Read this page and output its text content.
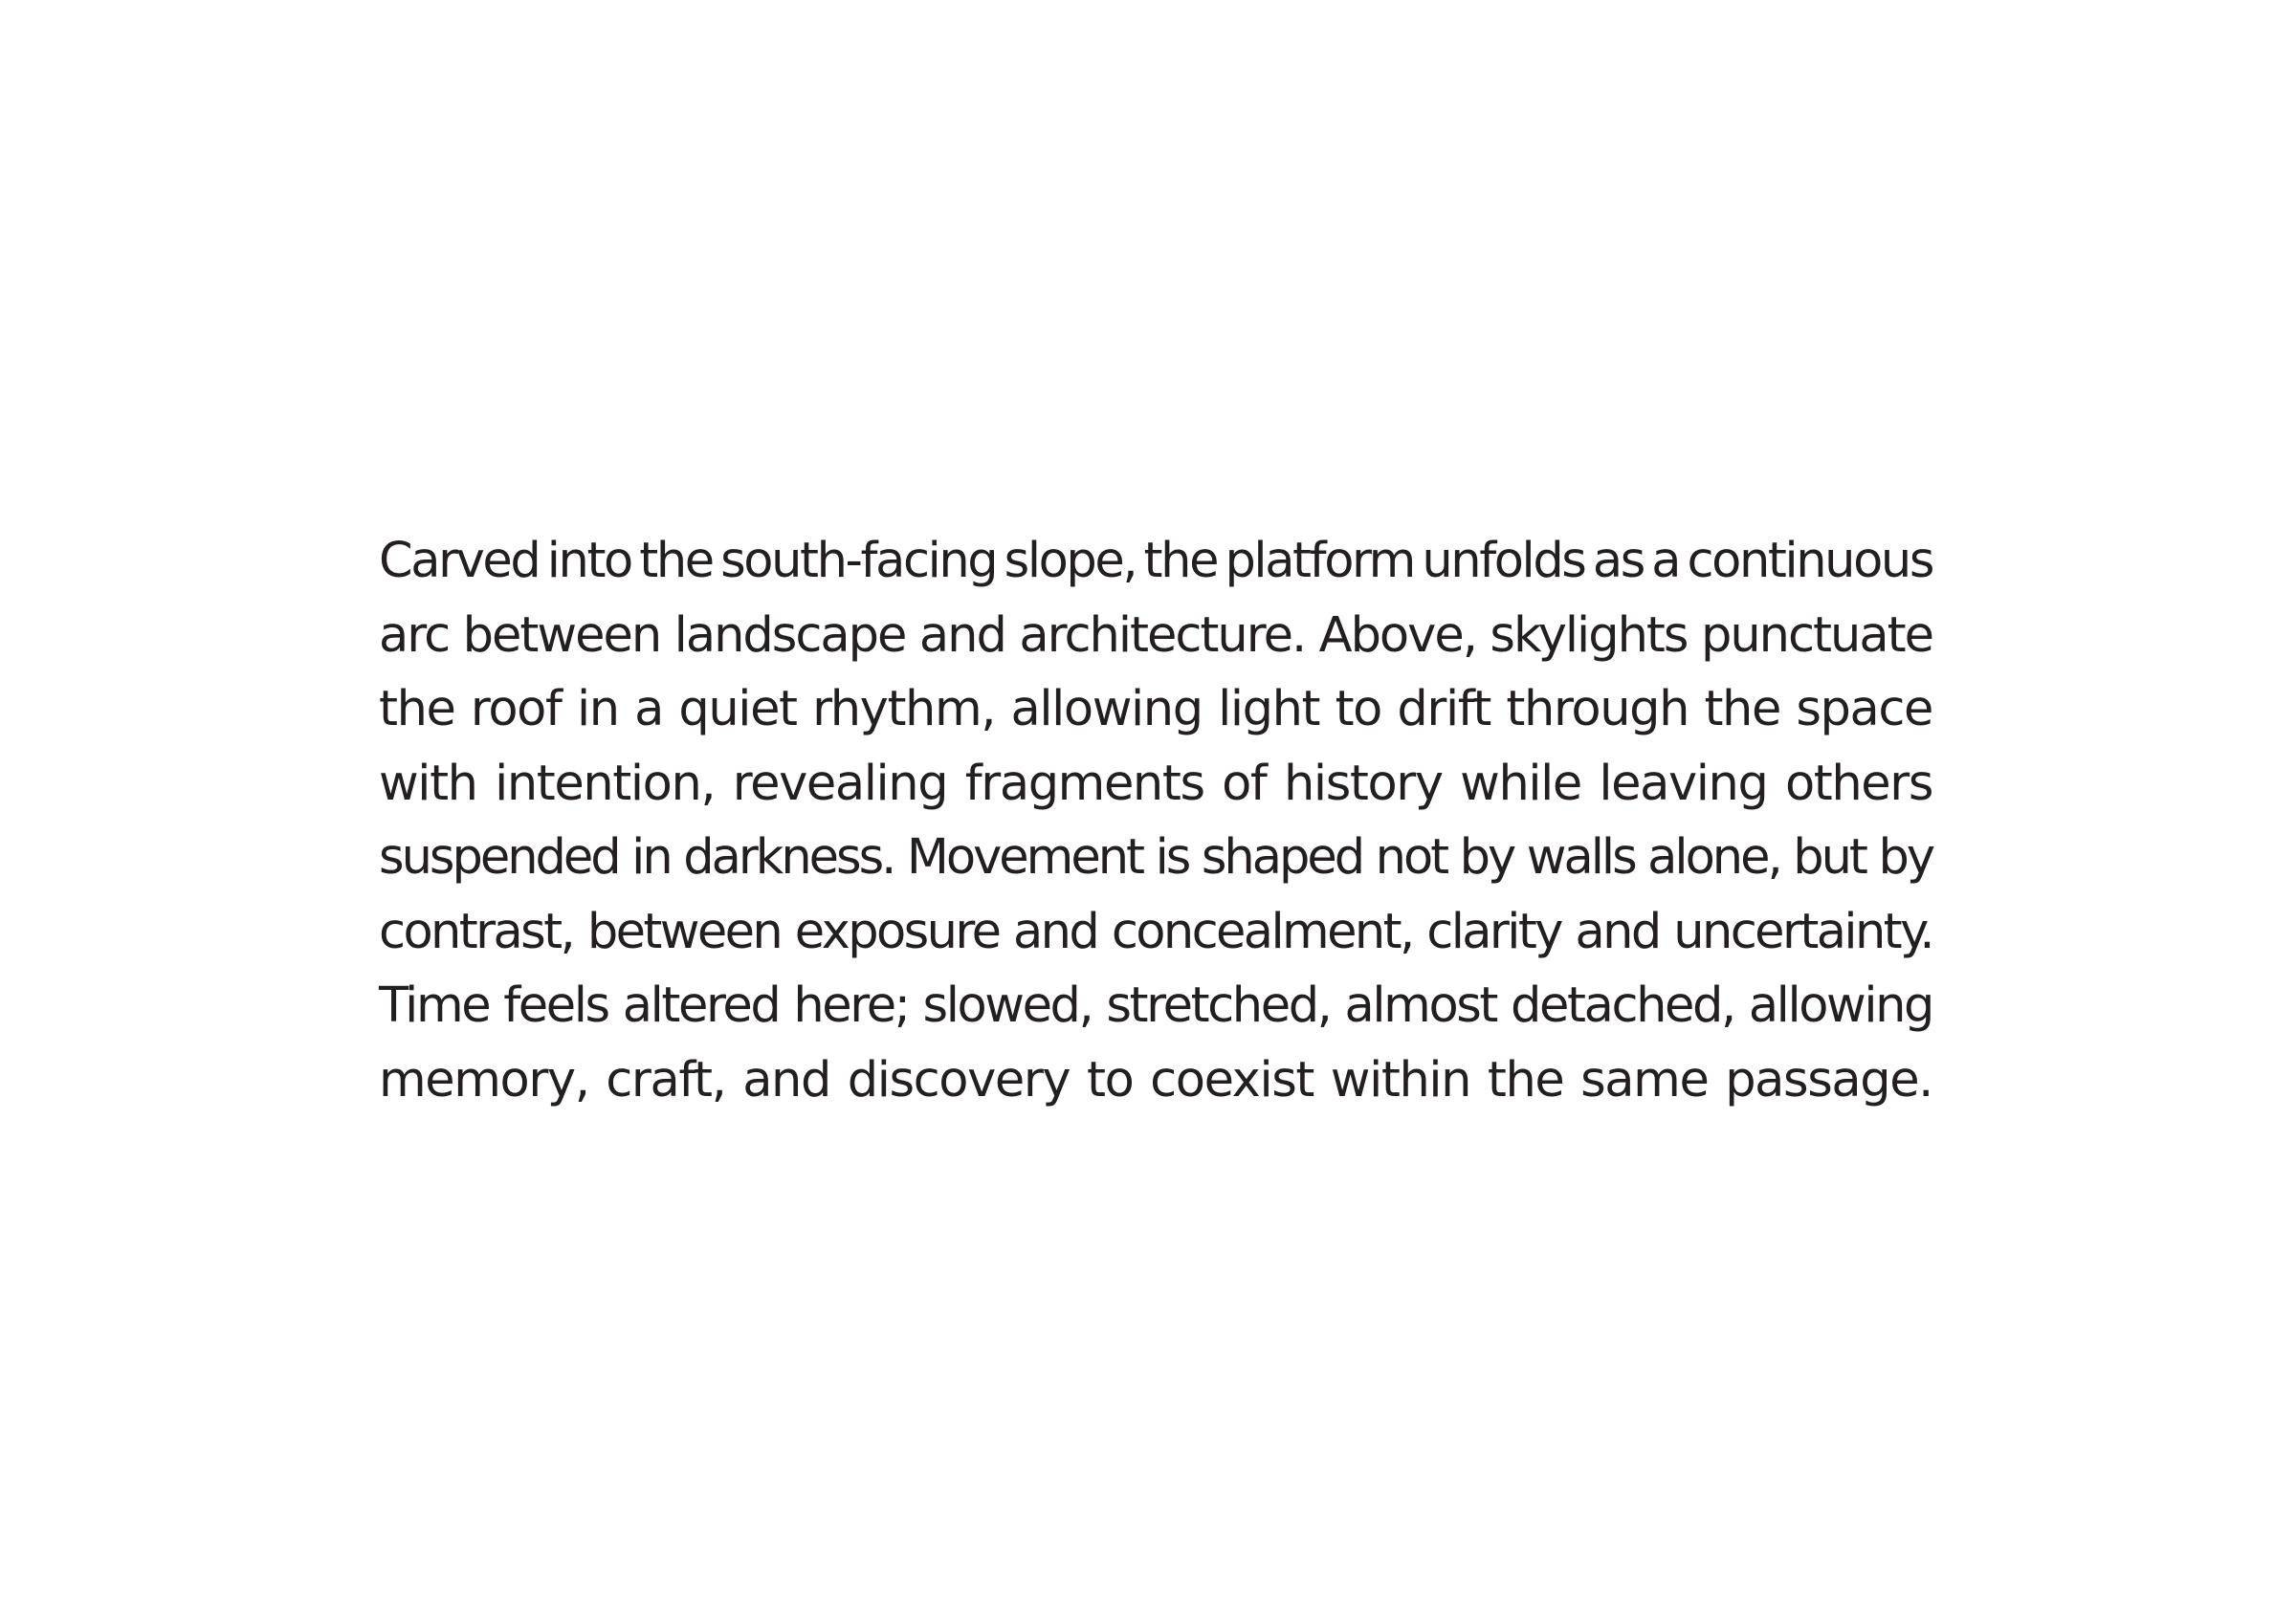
Carved into the south-facing slope, the platform unfolds as a continuous
arc between landscape and architecture. Above, skylights punctuate
the roof in a quiet rhythm, allowing light to drift through the space
with intention, revealing fragments of history while leaving others
suspended in darkness. Movement is shaped not by walls alone, but by
contrast, between exposure and concealment, clarity and uncertainty.
Time feels altered here; slowed, stretched, almost detached, allowing
memory, craft, and discovery to coexist within the same passage.
